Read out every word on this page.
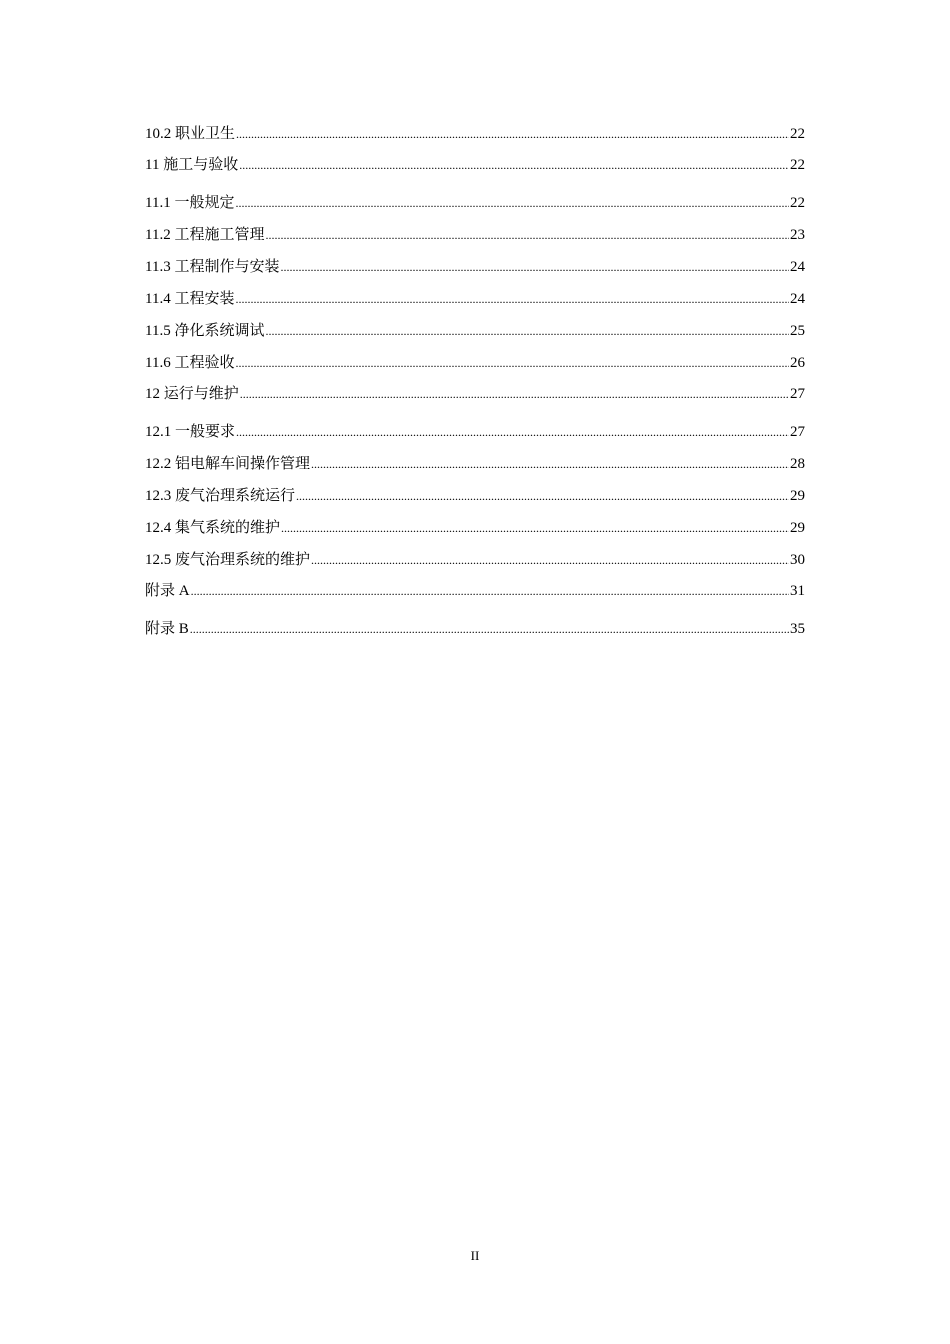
10.2 职业卫生 .....	22
11 施工与验收 .....	22
11.1 一般规定 .....	22
11.2 工程施工管理 .....	23
11.3 工程制作与安装 .....	24
11.4 工程安装 .....	24
11.5 净化系统调试 .....	25
11.6 工程验收 .....	26
12 运行与维护 .....	27
12.1 一般要求 .....	27
12.2 铝电解车间操作管理 .....	28
12.3 废气治理系统运行 .....	29
12.4 集气系统的维护 .....	29
12.5 废气治理系统的维护 .....	30
附录 A .....	31
附录 B .....	35
II
